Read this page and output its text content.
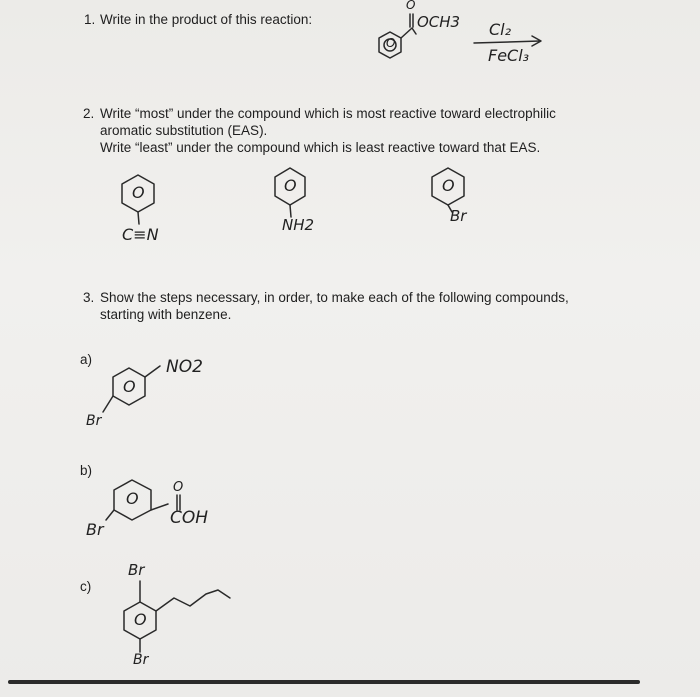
1. Write in the product of this reaction:
2. Write “most” under the compound which is most reactive toward electrophilic
aromatic substitution (EAS).
Write “least” under the compound which is least reactive toward that EAS.
3. Show the steps necessary, in order, to make each of the following compounds,
starting with benzene.
a)
b)
c)
O
O
OCH3 Cl₂
FeCl₃
O
C≡N
O
NH2
O
Br
O
NO2
Br
O
O
COH
Br
O
Br
Br
